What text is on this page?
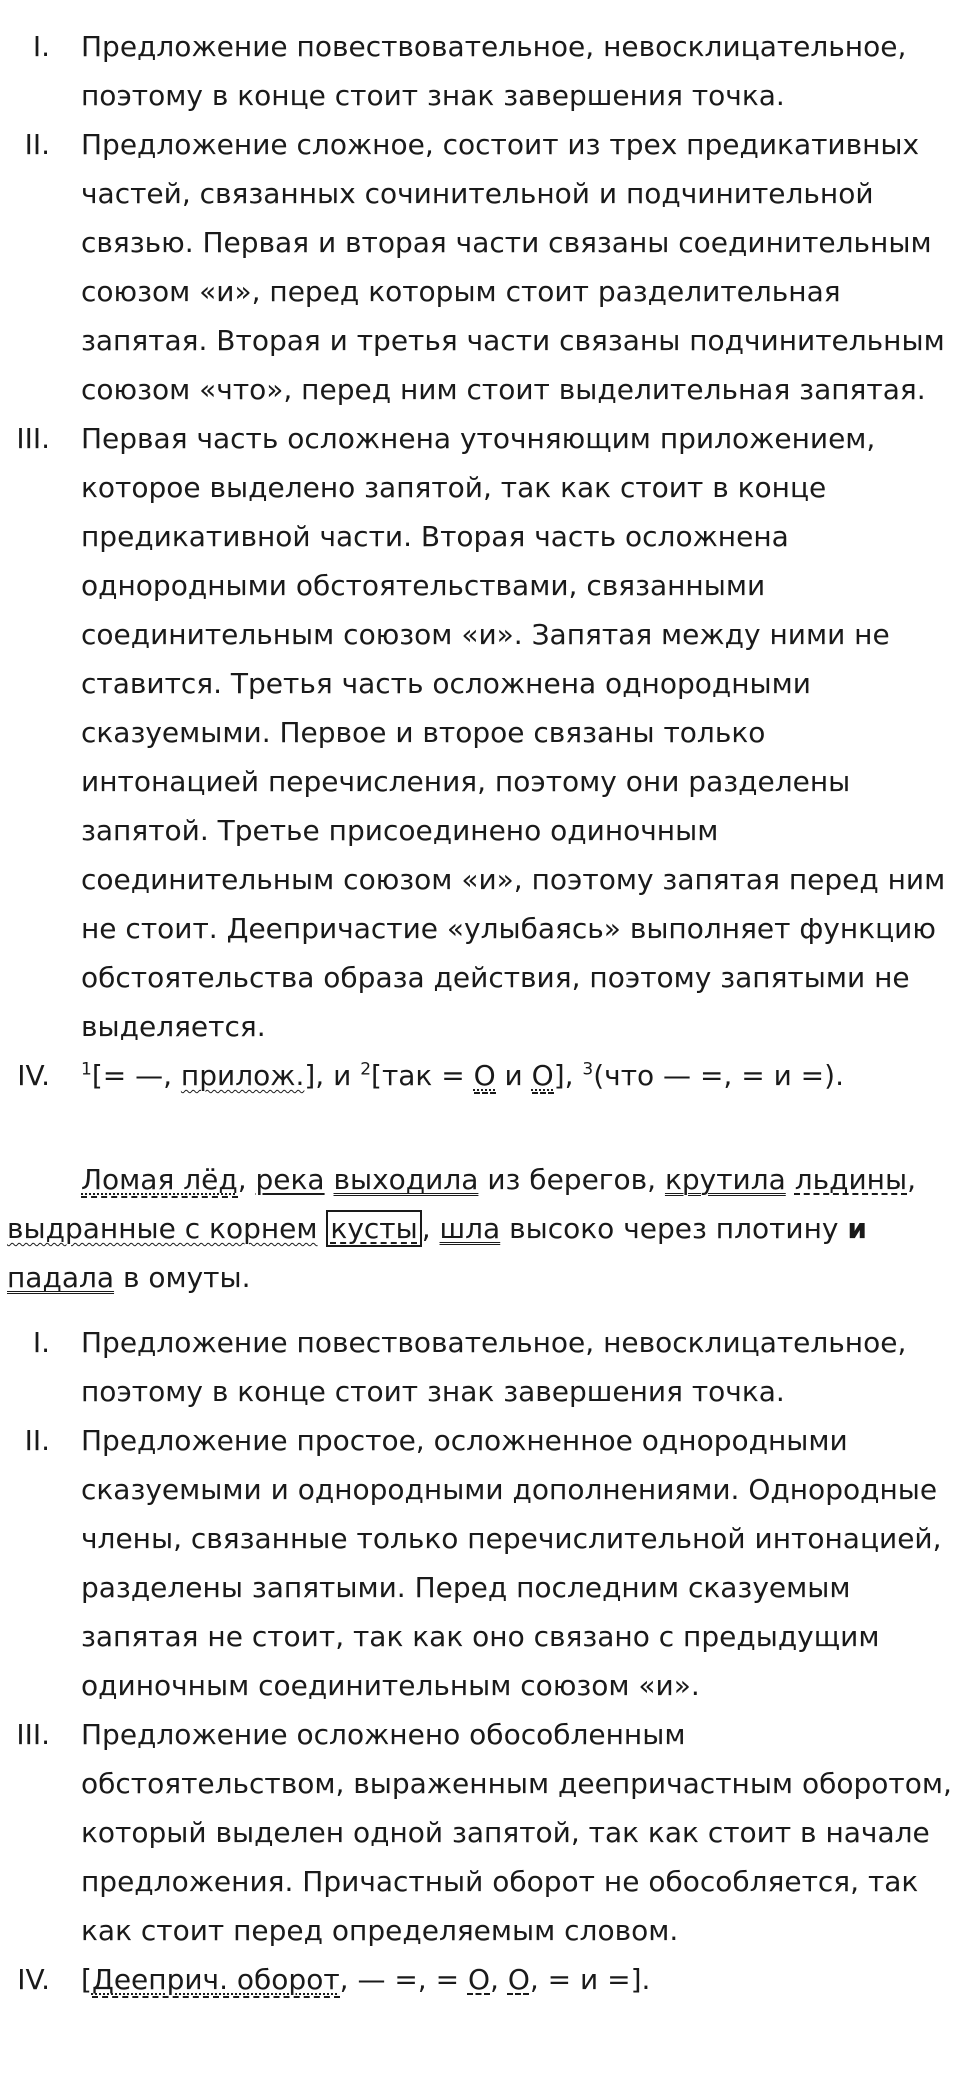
I. Предложение повествовательное, невосклицательное, поэтому в конце стоит знак завершения точка.
II. Предложение сложное, состоит из трех предикативных частей, связанных сочинительной и подчинительной связью. Первая и вторая части связаны соединительным союзом «и», перед которым стоит разделительная запятая. Вторая и третья части связаны подчинительным союзом «что», перед ним стоит выделительная запятая.
III. Первая часть осложнена уточняющим приложением, которое выделено запятой, так как стоит в конце предикативной части. Вторая часть осложнена однородными обстоятельствами, связанными соединительным союзом «и». Запятая между ними не ставится. Третья часть осложнена однородными сказуемыми. Первое и второе связаны только интонацией перечисления, поэтому они разделены запятой. Третье присоединено одиночным соединительным союзом «и», поэтому запятая перед ним не стоит. Деепричастие «улыбаясь» выполняет функцию обстоятельства образа действия, поэтому запятыми не выделяется.
IV. $^1$[= —, прилож.], и $^2$[так = О и О], $^3$(что — =, = и =).
Ломая лёд, река выходила из берегов, крутила льдины, выдранные с корнем кусты , шла высоко через плотину и падала в омуты.
I. Предложение повествовательное, невосклицательное, поэтому в конце стоит знак завершения точка.
II. Предложение простое, осложненное однородными сказуемыми и однородными дополнениями. Однородные члены, связанные только перечислительной интонацией, разделены запятыми. Перед последним сказуемым запятая не стоит, так как оно связано с предыдущим одиночным соединительным союзом «и».
III. Предложение осложнено обособленным обстоятельством, выраженным деепричастным оборотом, который выделен одной запятой, так как стоит в начале предложения. Причастный оборот не обособляется, так как стоит перед определяемым словом.
IV. [Дееприч. оборот, — =, = О, О, = и =].
